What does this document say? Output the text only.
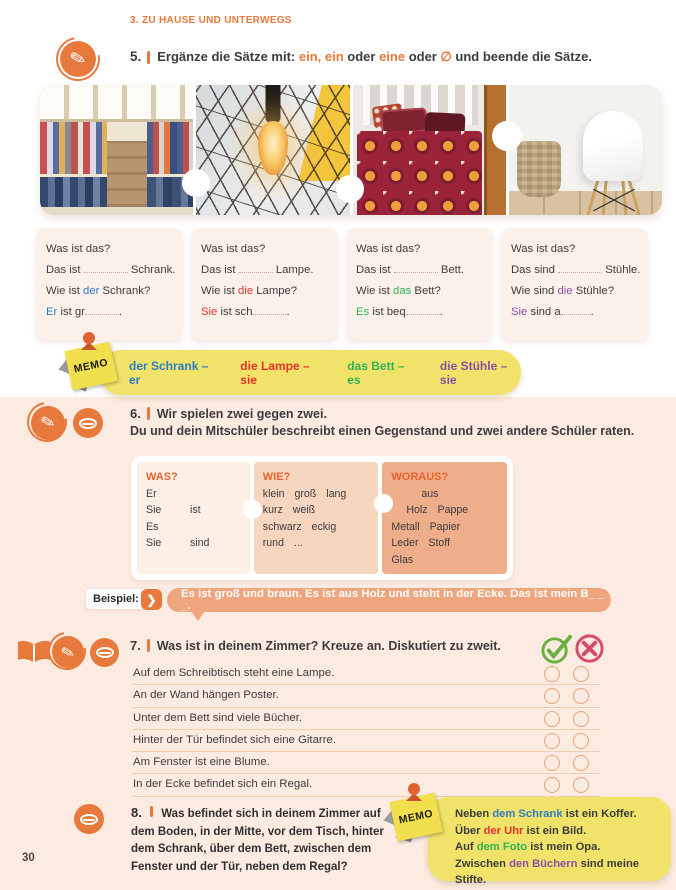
3. ZU HAUSE UND UNTERWEGS
✎	5. Ergänze die Sätze mit: ein, ein oder eine oder ∅ und beende die Sätze.
Was ist das?
Das ist	Schrank.
Wie ist der Schrank?
Er ist gr	.
Was ist das?
Das ist	Lampe.
Wie ist die Lampe?
Sie ist sch	.
Was ist das?
Das ist	Bett.
Wie ist das Bett?
Es ist beq	.
Was ist das?
Das sind	Stühle.
Wie sind die Stühle?
Sie sind a	.
der Schrank – er
die Lampe – sie
das Bett – es
die Stühle – sie
MEMO
✎	6. Wir spielen zwei gegen zwei.
Du und dein Mitschüler beschreibt einen Gegenstand und zwei andere Schüler raten.
WAS?
Er
Sie	ist
Es
Sie	sind
WIE?
klein groß lang
kurz weiß
schwarz eckig
rund ...
WORAUS?
aus
Holz Pappe
Metall Papier
Leder Stoff
Glas
Beispiel: ❯	Es ist groß und braun. Es ist aus Holz und steht in der Ecke. Das ist mein B_ _ _.
✎	7. Was ist in deinem Zimmer? Kreuze an. Diskutiert zu zweit.
Auf dem Schreibtisch steht eine Lampe.
An der Wand hängen Poster.
Unter dem Bett sind viele Bücher.
Hinter der Tür befindet sich eine Gitarre.
Am Fenster ist eine Blume.
In der Ecke befindet sich ein Regal.
8. Was befindet sich in deinem Zimmer auf dem Boden, in der Mitte, vor dem Tisch, hinter dem Schrank, über dem Bett, zwischen dem Fenster und der Tür, neben dem Regal?
Neben dem Schrank ist ein Koffer.
Über der Uhr ist ein Bild.
Auf dem Foto ist mein Opa.
Zwischen den Büchern sind meine Stifte.
MEMO
30
